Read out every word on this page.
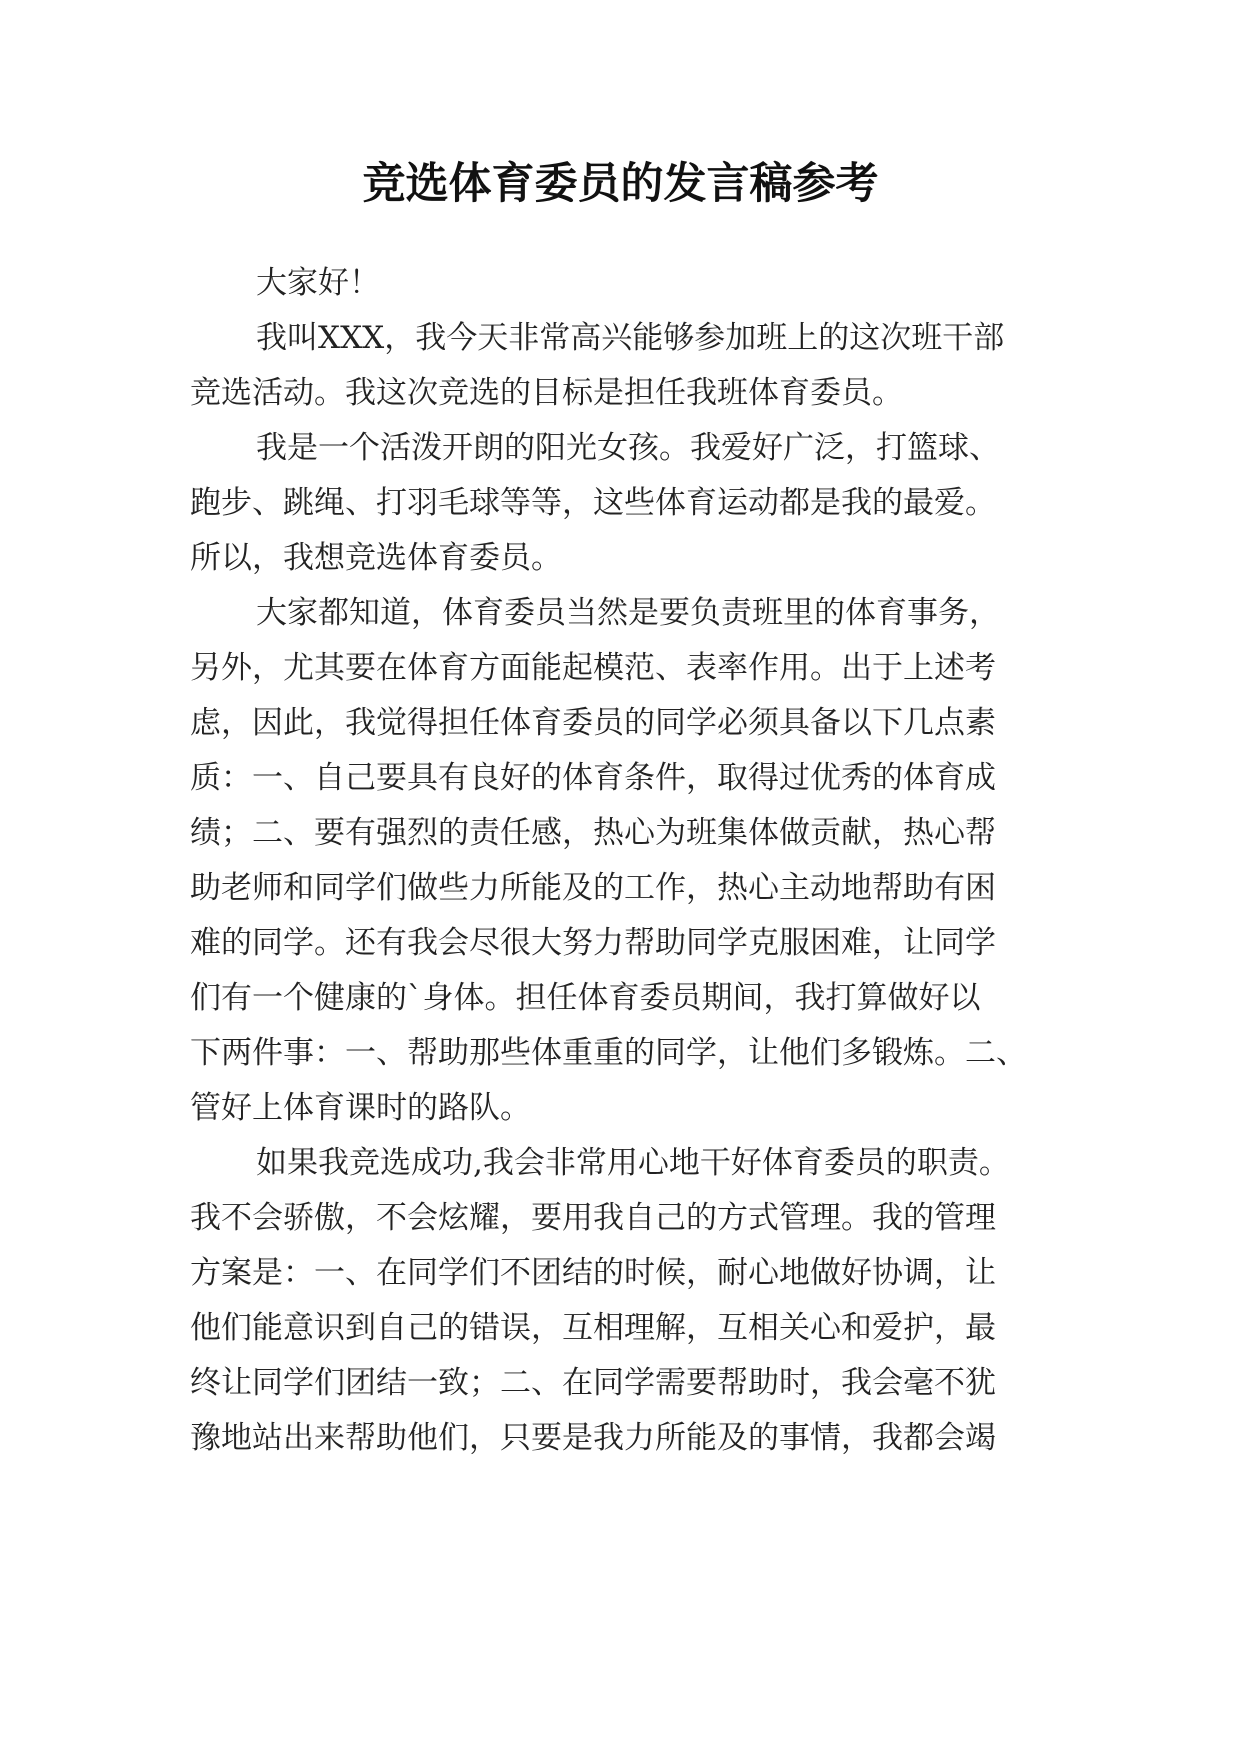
竞选体育委员的发言稿参考
大家好！
我叫XXX，我今天非常高兴能够参加班上的这次班干部
竞选活动。我这次竞选的目标是担任我班体育委员。
我是一个活泼开朗的阳光女孩。我爱好广泛，打篮球、
跑步、跳绳、打羽毛球等等，这些体育运动都是我的最爱。
所以，我想竞选体育委员。
大家都知道，体育委员当然是要负责班里的体育事务，
另外，尤其要在体育方面能起模范、表率作用。出于上述考
虑，因此，我觉得担任体育委员的同学必须具备以下几点素
质：一、自己要具有良好的体育条件，取得过优秀的体育成
绩；二、要有强烈的责任感，热心为班集体做贡献，热心帮
助老师和同学们做些力所能及的工作，热心主动地帮助有困
难的同学。还有我会尽很大努力帮助同学克服困难，让同学
们有一个健康的`身体。担任体育委员期间，我打算做好以
下两件事：一、帮助那些体重重的同学，让他们多锻炼。二、
管好上体育课时的路队。
如果我竞选成功,我会非常用心地干好体育委员的职责。
我不会骄傲，不会炫耀，要用我自己的方式管理。我的管理
方案是：一、在同学们不团结的时候，耐心地做好协调，让
他们能意识到自己的错误，互相理解，互相关心和爱护，最
终让同学们团结一致；二、在同学需要帮助时，我会毫不犹
豫地站出来帮助他们，只要是我力所能及的事情，我都会竭
